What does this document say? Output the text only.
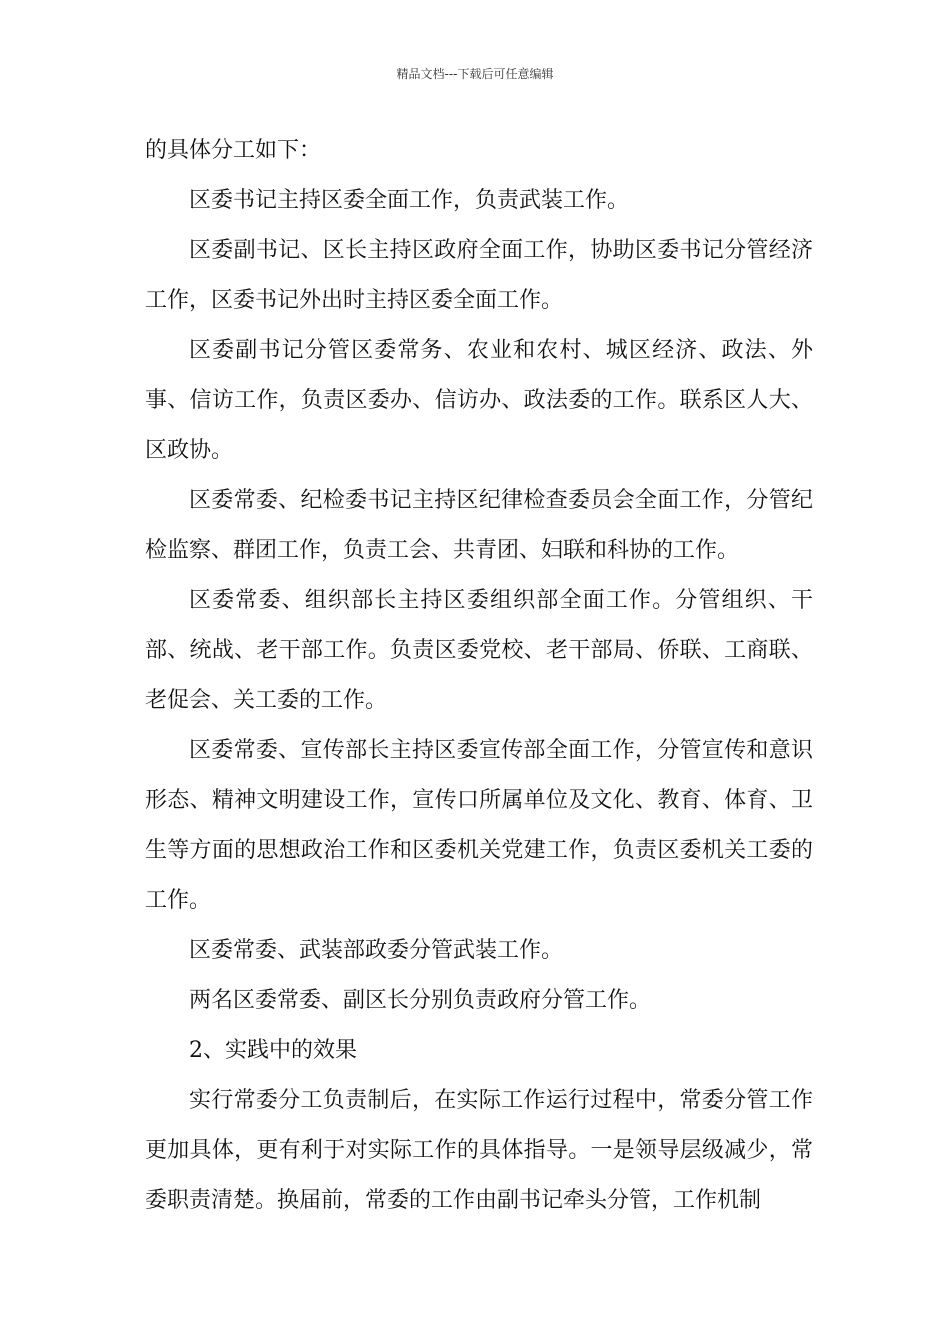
精品文档---下载后可任意编辑

的具体分工如下：

区委书记主持区委全面工作，负责武装工作。

区委副书记、区长主持区政府全面工作，协助区委书记分管经济工作，区委书记外出时主持区委全面工作。

区委副书记分管区委常务、农业和农村、城区经济、政法、外事、信访工作，负责区委办、信访办、政法委的工作。联系区人大、区政协。

区委常委、纪检委书记主持区纪律检查委员会全面工作，分管纪检监察、群团工作，负责工会、共青团、妇联和科协的工作。

区委常委、组织部长主持区委组织部全面工作。分管组织、干部、统战、老干部工作。负责区委党校、老干部局、侨联、工商联、老促会、关工委的工作。

区委常委、宣传部长主持区委宣传部全面工作，分管宣传和意识形态、精神文明建设工作，宣传口所属单位及文化、教育、体育、卫生等方面的思想政治工作和区委机关党建工作，负责区委机关工委的工作。

区委常委、武装部政委分管武装工作。

两名区委常委、副区长分别负责政府分管工作。

2、实践中的效果

实行常委分工负责制后，在实际工作运行过程中，常委分管工作更加具体，更有利于对实际工作的具体指导。一是领导层级减少，常委职责清楚。换届前，常委的工作由副书记牵头分管，工作机制
